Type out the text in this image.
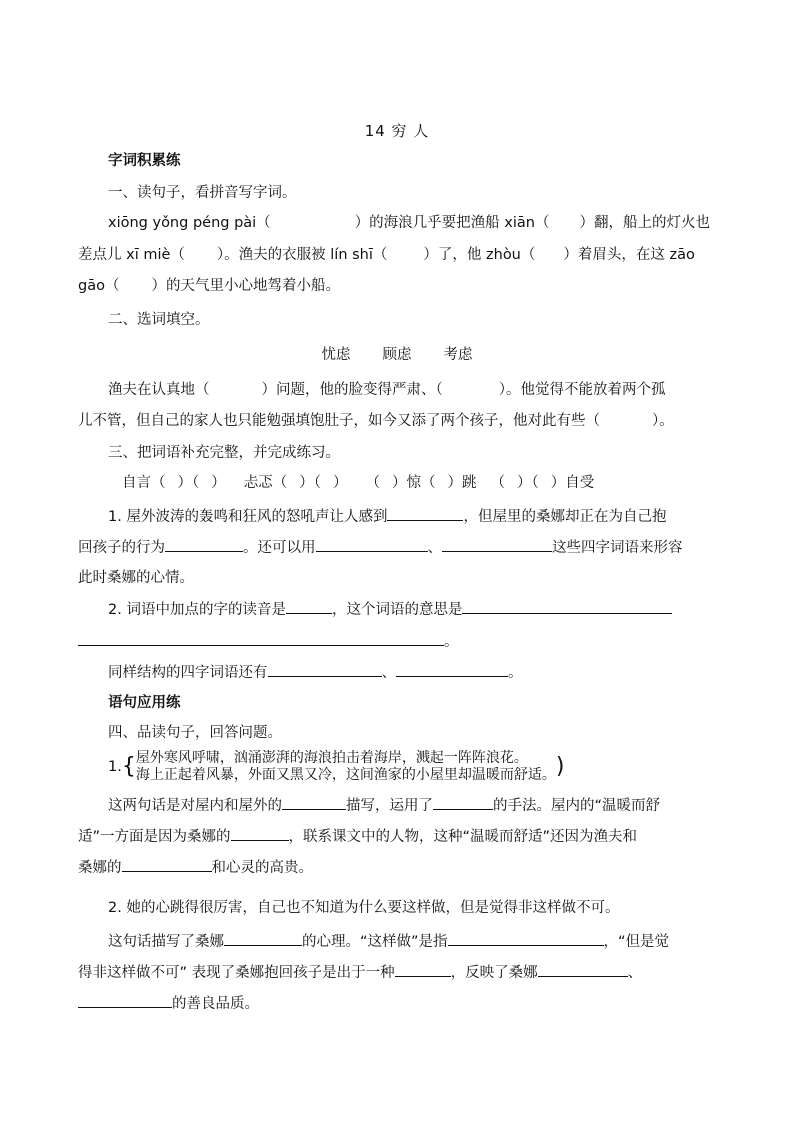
14 穷 人
字词积累练
一、读句子，看拼音写字词。
xiōng yǒng péng pài（	）的海浪几乎要把渔船 xiān（ ）翻，船上的灯火也
差点儿 xī miè（ ）。渔夫的衣服被 lín shī（ ）了，他 zhòu（ ）着眉头，在这 zāo
gāo（ ）的天气里小心地驾着小船。
二、选词填空。
忧虑 顾虑 考虑
渔夫在认真地（	）问题，他的脸变得严肃、（	）。他觉得不能放着两个孤
儿不管，但自己的家人也只能勉强填饱肚子，如今又添了两个孩子，他对此有些（	）。
三、把词语补充完整，并完成练习。
自言（ ）（ ） 忐忑（ ）（ ） （ ）惊（ ）跳 （ ）（ ）自受
1. 屋外波涛的轰鸣和狂风的怒吼声让人感到	，但屋里的桑娜却正在为自己抱
回孩子的行为	。还可以用	、	这些四字词语来形容
此时桑娜的心情。
2. 词语中加点的字的读音是	，这个词语的意思是
。
同样结构的四字词语还有	、	。
语句应用练
四、品读句子，回答问题。
1.{ 屋外寒风呼啸，汹涌澎湃的海浪拍击着海岸，溅起一阵阵浪花。
海上正起着风暴，外面又黑又冷，这间渔家的小屋里却温暖而舒适。 )
这两句话是对屋内和屋外的	描写，运用了	的手法。屋内的“温暖而舒
适”一方面是因为桑娜的	，联系课文中的人物，这种“温暖而舒适”还因为渔夫和
桑娜的	和心灵的高贵。
2. 她的心跳得很厉害，自己也不知道为什么要这样做，但是觉得非这样做不可。
这句话描写了桑娜	的心理。“这样做”是指	，“但是觉
得非这样做不可” 表现了桑娜抱回孩子是出于一种	，反映了桑娜	、
的善良品质。
